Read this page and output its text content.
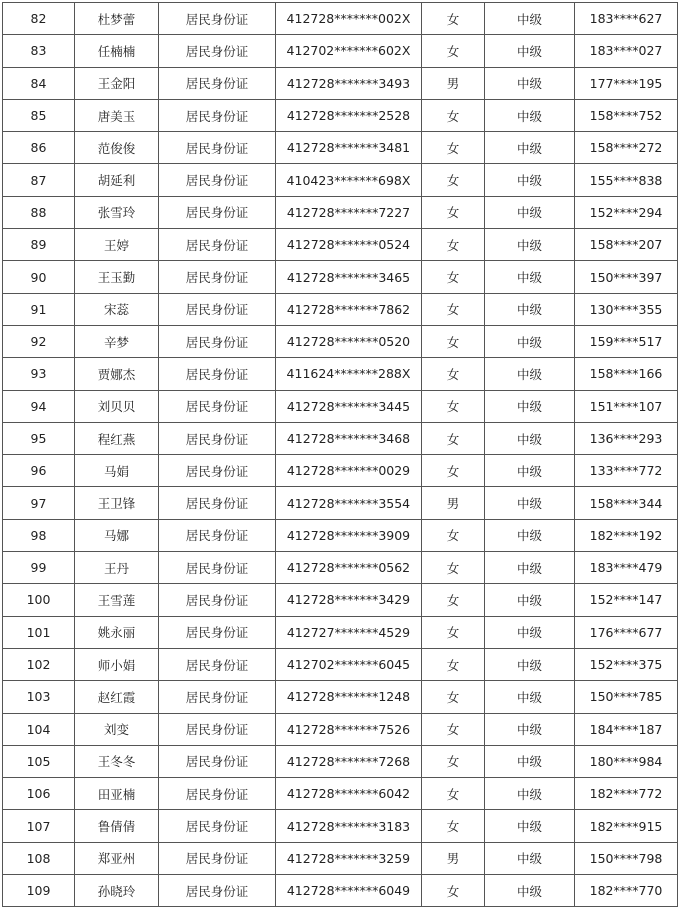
82	杜梦蕾	居民身份证	412728*******002X	女	中级	183****627
83	任楠楠	居民身份证	412702*******602X	女	中级	183****027
84	王金阳	居民身份证	412728*******3493	男	中级	177****195
85	唐美玉	居民身份证	412728*******2528	女	中级	158****752
86	范俊俊	居民身份证	412728*******3481	女	中级	158****272
87	胡延利	居民身份证	410423*******698X	女	中级	155****838
88	张雪玲	居民身份证	412728*******7227	女	中级	152****294
89	王婷	居民身份证	412728*******0524	女	中级	158****207
90	王玉勤	居民身份证	412728*******3465	女	中级	150****397
91	宋蕊	居民身份证	412728*******7862	女	中级	130****355
92	辛梦	居民身份证	412728*******0520	女	中级	159****517
93	贾娜杰	居民身份证	411624*******288X	女	中级	158****166
94	刘贝贝	居民身份证	412728*******3445	女	中级	151****107
95	程红燕	居民身份证	412728*******3468	女	中级	136****293
96	马娟	居民身份证	412728*******0029	女	中级	133****772
97	王卫锋	居民身份证	412728*******3554	男	中级	158****344
98	马娜	居民身份证	412728*******3909	女	中级	182****192
99	王丹	居民身份证	412728*******0562	女	中级	183****479
100	王雪莲	居民身份证	412728*******3429	女	中级	152****147
101	姚永丽	居民身份证	412727*******4529	女	中级	176****677
102	师小娟	居民身份证	412702*******6045	女	中级	152****375
103	赵红霞	居民身份证	412728*******1248	女	中级	150****785
104	刘变	居民身份证	412728*******7526	女	中级	184****187
105	王冬冬	居民身份证	412728*******7268	女	中级	180****984
106	田亚楠	居民身份证	412728*******6042	女	中级	182****772
107	鲁倩倩	居民身份证	412728*******3183	女	中级	182****915
108	郑亚州	居民身份证	412728*******3259	男	中级	150****798
109	孙晓玲	居民身份证	412728*******6049	女	中级	182****770
